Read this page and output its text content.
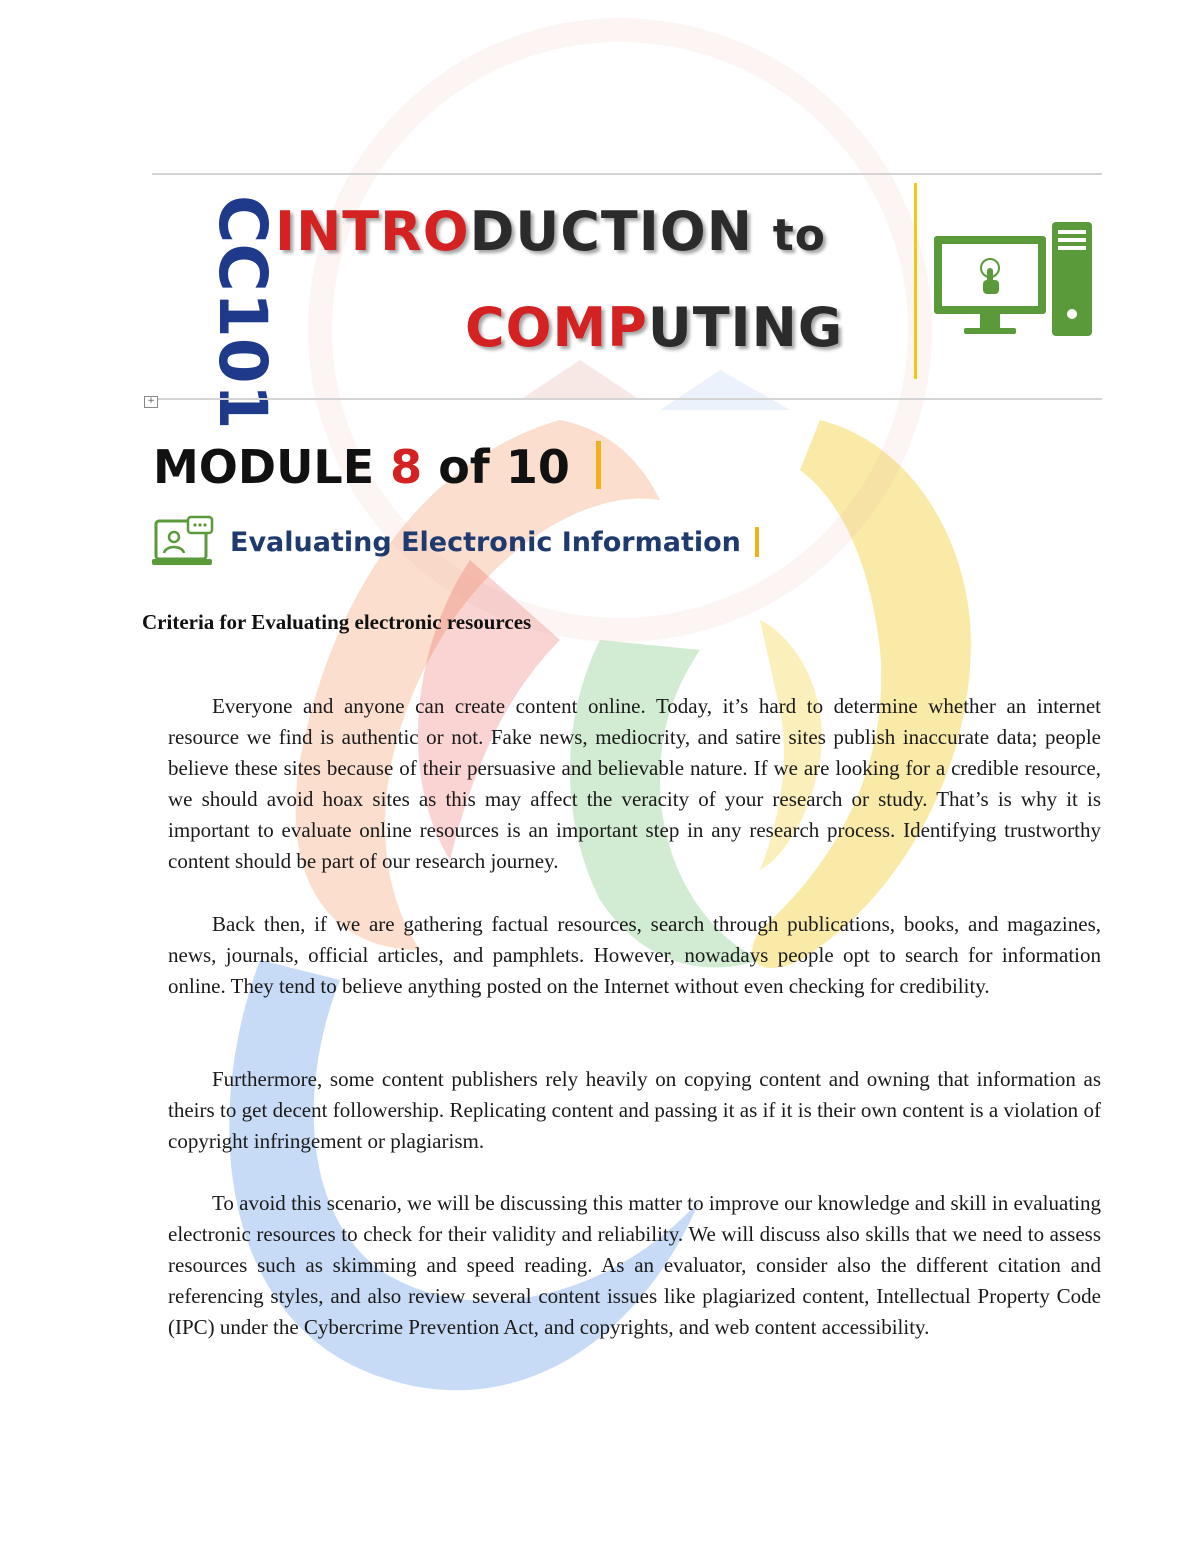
CC101
INTRODUCTION to
COMPUTING
+
MODULE 8 of 10
Evaluating Electronic Information
Criteria for Evaluating electronic resources

Everyone and anyone can create content online. Today, it’s hard to determine whether an internet resource we find is authentic or not. Fake news, mediocrity, and satire sites publish inaccurate data; people believe these sites because of their persuasive and believable nature. If we are looking for a credible resource, we should avoid hoax sites as this may affect the veracity of your research or study. That’s is why it is important to evaluate online resources is an important step in any research process. Identifying trustworthy content should be part of our research journey.

Back then, if we are gathering factual resources, search through publications, books, and magazines, news, journals, official articles, and pamphlets. However, nowadays people opt to search for information online. They tend to believe anything posted on the Internet without even checking for credibility.

Furthermore, some content publishers rely heavily on copying content and owning that information as theirs to get decent followership. Replicating content and passing it as if it is their own content is a violation of copyright infringement or plagiarism.

To avoid this scenario, we will be discussing this matter to improve our knowledge and skill in evaluating electronic resources to check for their validity and reliability. We will discuss also skills that we need to assess resources such as skimming and speed reading. As an evaluator, consider also the different citation and referencing styles, and also review several content issues like plagiarized content, Intellectual Property Code (IPC) under the Cybercrime Prevention Act, and copyrights, and web content accessibility.
